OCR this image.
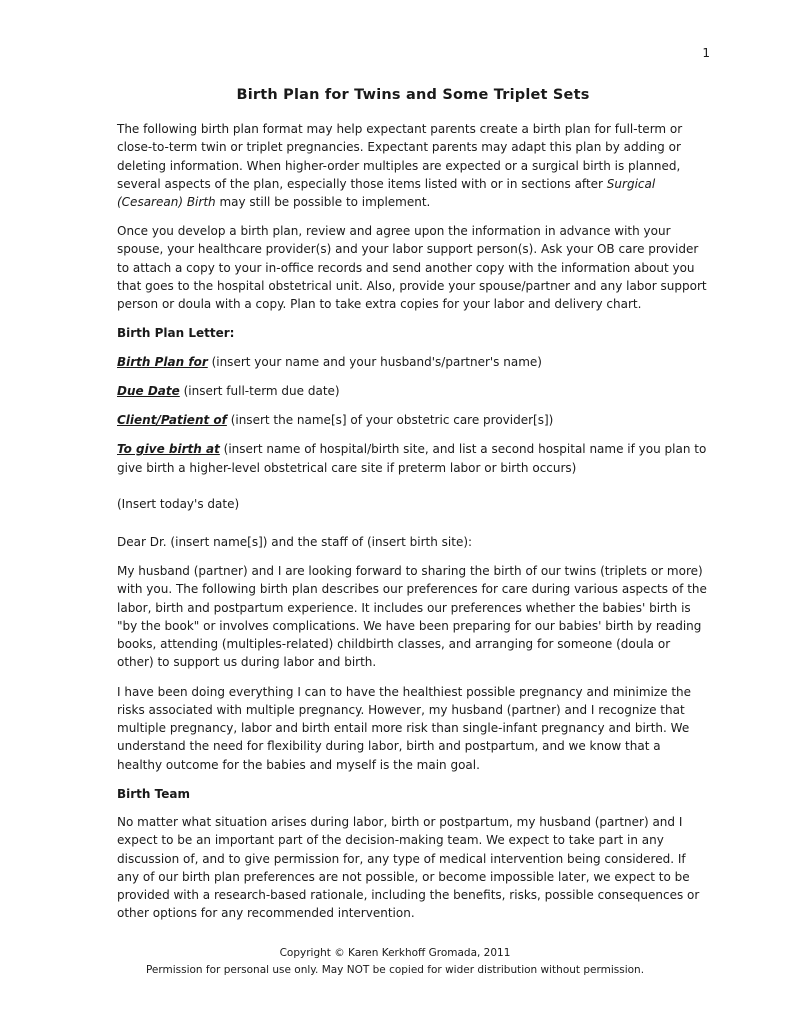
1
Birth Plan for Twins and Some Triplet Sets

The following birth plan format may help expectant parents create a birth plan for full-term or close-to-term twin or triplet pregnancies. Expectant parents may adapt this plan by adding or deleting information. When higher-order multiples are expected or a surgical birth is planned, several aspects of the plan, especially those items listed with or in sections after Surgical (Cesarean) Birth may still be possible to implement.

Once you develop a birth plan, review and agree upon the information in advance with your spouse, your healthcare provider(s) and your labor support person(s). Ask your OB care provider to attach a copy to your in-office records and send another copy with the information about you that goes to the hospital obstetrical unit. Also, provide your spouse/partner and any labor support person or doula with a copy. Plan to take extra copies for your labor and delivery chart.

Birth Plan Letter:

Birth Plan for (insert your name and your husband's/partner's name)

Due Date (insert full-term due date)

Client/Patient of (insert the name[s] of your obstetric care provider[s])

To give birth at (insert name of hospital/birth site, and list a second hospital name if you plan to give birth a higher-level obstetrical care site if preterm labor or birth occurs)

(Insert today's date)

Dear Dr. (insert name[s]) and the staff of (insert birth site):

My husband (partner) and I are looking forward to sharing the birth of our twins (triplets or more) with you. The following birth plan describes our preferences for care during various aspects of the labor, birth and postpartum experience. It includes our preferences whether the babies' birth is "by the book" or involves complications. We have been preparing for our babies' birth by reading books, attending (multiples-related) childbirth classes, and arranging for someone (doula or other) to support us during labor and birth.

I have been doing everything I can to have the healthiest possible pregnancy and minimize the risks associated with multiple pregnancy. However, my husband (partner) and I recognize that multiple pregnancy, labor and birth entail more risk than single-infant pregnancy and birth. We understand the need for flexibility during labor, birth and postpartum, and we know that a healthy outcome for the babies and myself is the main goal.

Birth Team

No matter what situation arises during labor, birth or postpartum, my husband (partner) and I expect to be an important part of the decision-making team. We expect to take part in any discussion of, and to give permission for, any type of medical intervention being considered. If any of our birth plan preferences are not possible, or become impossible later, we expect to be provided with a research-based rationale, including the benefits, risks, possible consequences or other options for any recommended intervention.

Copyright © Karen Kerkhoff Gromada, 2011
Permission for personal use only. May NOT be copied for wider distribution without permission.
